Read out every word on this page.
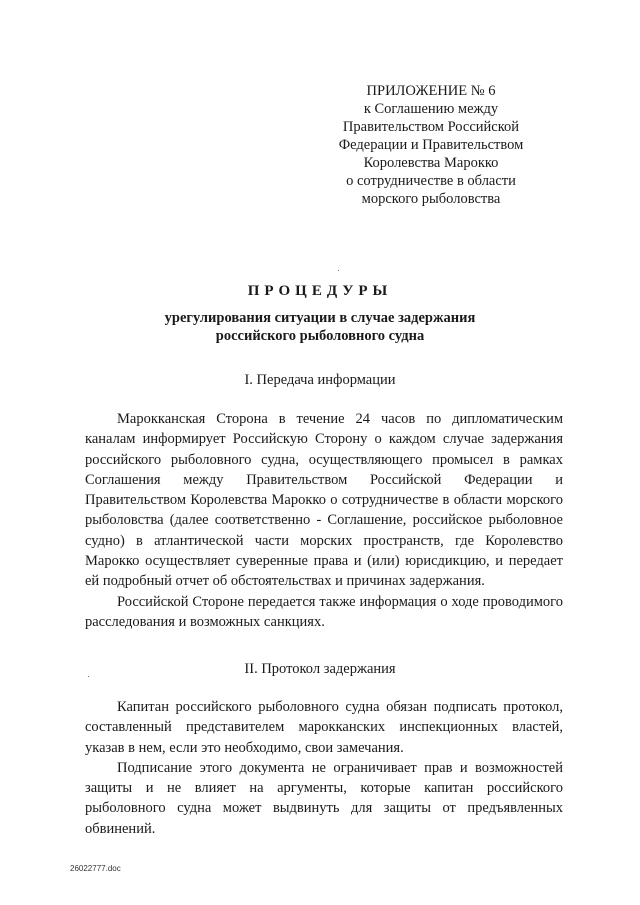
ПРИЛОЖЕНИЕ № 6
к Соглашению между
Правительством Российской
Федерации и Правительством
Королевства Марокко
о сотрудничестве в области
морского рыболовства
ПРОЦЕДУРЫ
урегулирования ситуации в случае задержания
российского рыболовного судна
I. Передача информации

Марокканская Сторона в течение 24 часов по дипломатическим каналам информирует Российскую Сторону о каждом случае задержания российского рыболовного судна, осуществляющего промысел в рамках Соглашения между Правительством Российской Федерации и Правительством Королевства Марокко о сотрудничестве в области морского рыболовства (далее соответственно - Соглашение, российское рыболовное судно) в атлантической части морских пространств, где Королевство Марокко осуществляет суверенные права и (или) юрисдикцию, и передает ей подробный отчет об обстоятельствах и причинах задержания.

Российской Стороне передается также информация о ходе проводимого расследования и возможных санкциях.

II. Протокол задержания

Капитан российского рыболовного судна обязан подписать протокол, составленный представителем марокканских инспекционных властей, указав в нем, если это необходимо, свои замечания.

Подписание этого документа не ограничивает прав и возможностей защиты и не влияет на аргументы, которые капитан российского рыболовного судна может выдвинуть для защиты от предъявленных обвинений.

26022777.doc
